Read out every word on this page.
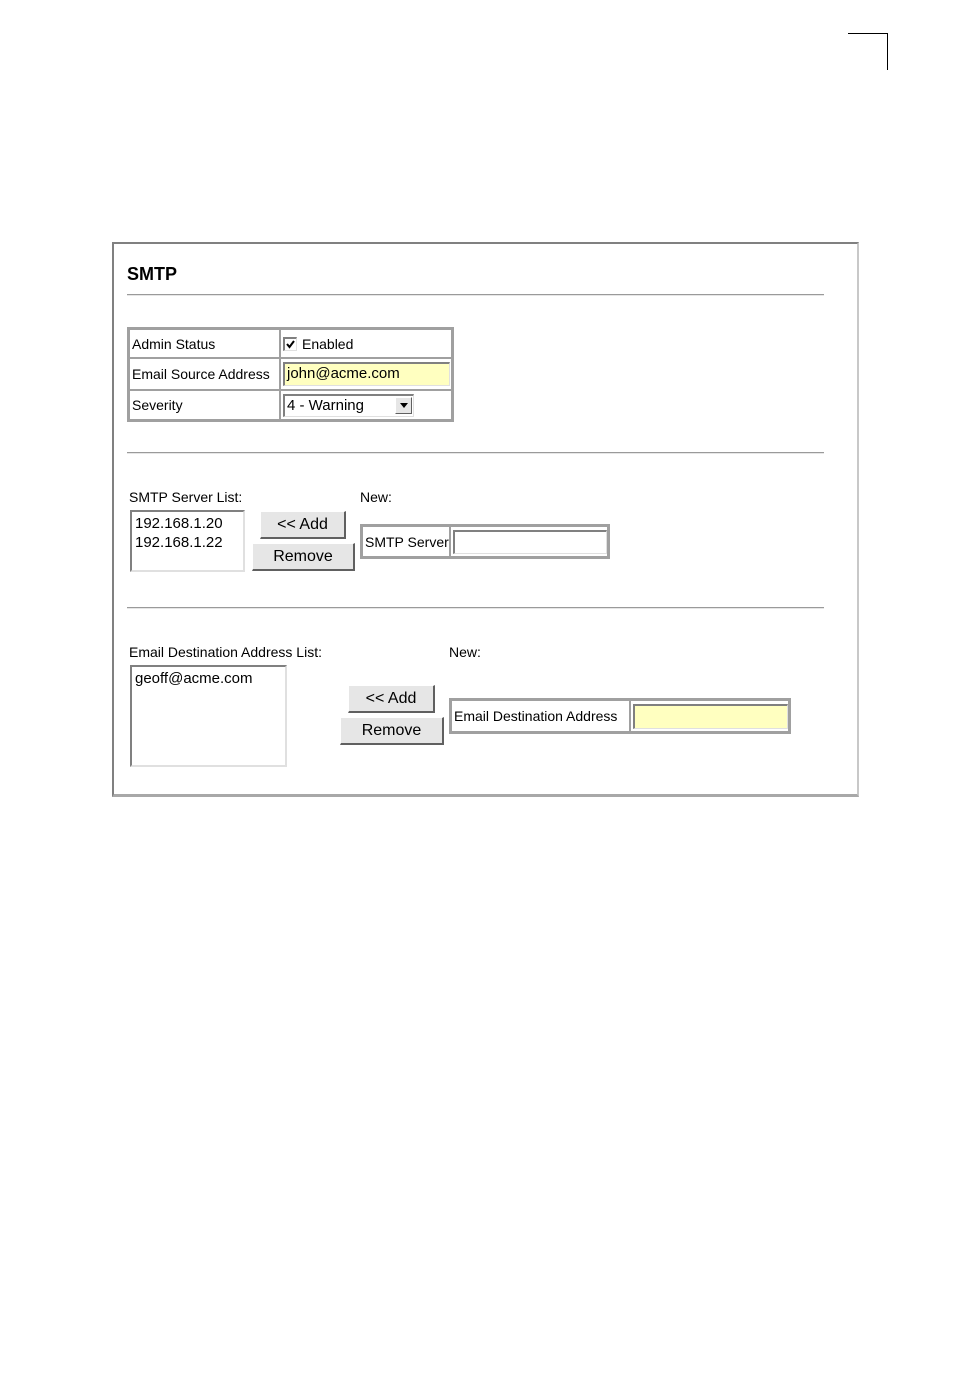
SMTP
Admin Status	Enabled
Email Source Address	john@acme.com
Severity	4 - Warning
SMTP Server List:
192.168.1.20
192.168.1.22
<< Add
Remove
New:
SMTP Server
Email Destination Address List:
geoff@acme.com
<< Add
Remove
New:
Email Destination Address
